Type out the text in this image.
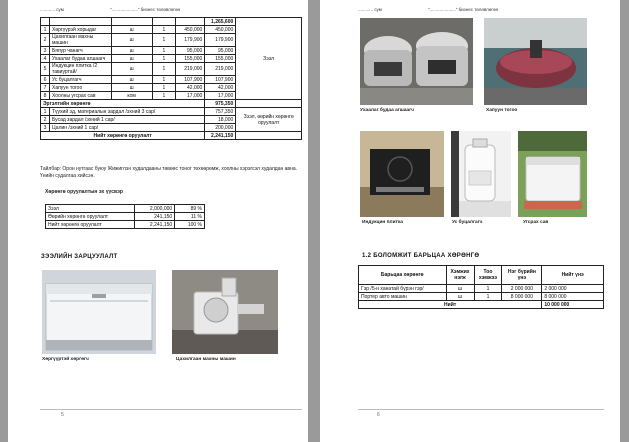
............ сум	“.....................” бизнес төлөвлөгөө
					1,265,600	Зээл
1	Хөргүүрэй хорыдаг	ш	1	450,000	450,000	
2	Цахилгаан махны машин	ш	1	179,900	179,900	
3	Бяпур чанагч	ш	1	95,000	95,000	
4	Ухаалаг будаа агшаагч	ш	1	155,000	155,000	
5	Индукцин плитка /2 тавиуртай/	ш	1	219,000	219,000	
6	Ус буцалгагч	ш	1	107,900	107,900	
7	Хапуун тогоо	ш	1	42,000	42,000	
8	Хоолны угсрах сав	ком	1	17,000	17,000	
Эргэлтийн хөрөнгө					975,350	
1	Түүхий эд, материалын зардал /эхний 3 сар/				757,350	Зээл, өөрийн хөрөнгө оруулалт
2	Бусад зардал /эхний 1 сар/				18,000	
3	Цалин /эхний 1 сар/				200,000	
Нийт хөрөнгө оруулалт					2,241,150	
Тайлбар: Орон нутгаас буюу Жижиглэн худалдааны төвөөс тоног төхөөрөмж, хоолны хэрэгсэл худалдан авна. Үнийн судалгаа хийсэн.
Хөрөнгө оруулалтын эх үүсвэр
Зээл	2,000,000	89 %
Өөрийн хөрөнгө оруулалт	241,150	11 %
Нийт хөрөнгө оруулалт	2,241,150	100 %
ЗЭЭЛИЙН ЗАРЦУУЛАЛТ
Хөргүүртэй хөргөгч	Цахилгаан махны машин
5
............ сум	“.....................” бизнес төлөвлөгөө
Ухаалаг будаа агшаагч	Хапуун тогоо
Индукцин плитка	Ус буцалгагч	Угсрах сав
1.2 БОЛОМЖИТ БАРЬЦАА ХӨРӨНГӨ
Барьцаа хөрөнгө	Хэмжих нэгж	Тоо хэмжээ	Нэг бүрийн үнэ	Нийт үнэ
Гэр /5-н ханатай бүрэн гэр/	ш	1	2 000 000	2 000 000
Портер авто машин	ш	1	8 000 000	8 000 000
Нийт				10 000 000
6
